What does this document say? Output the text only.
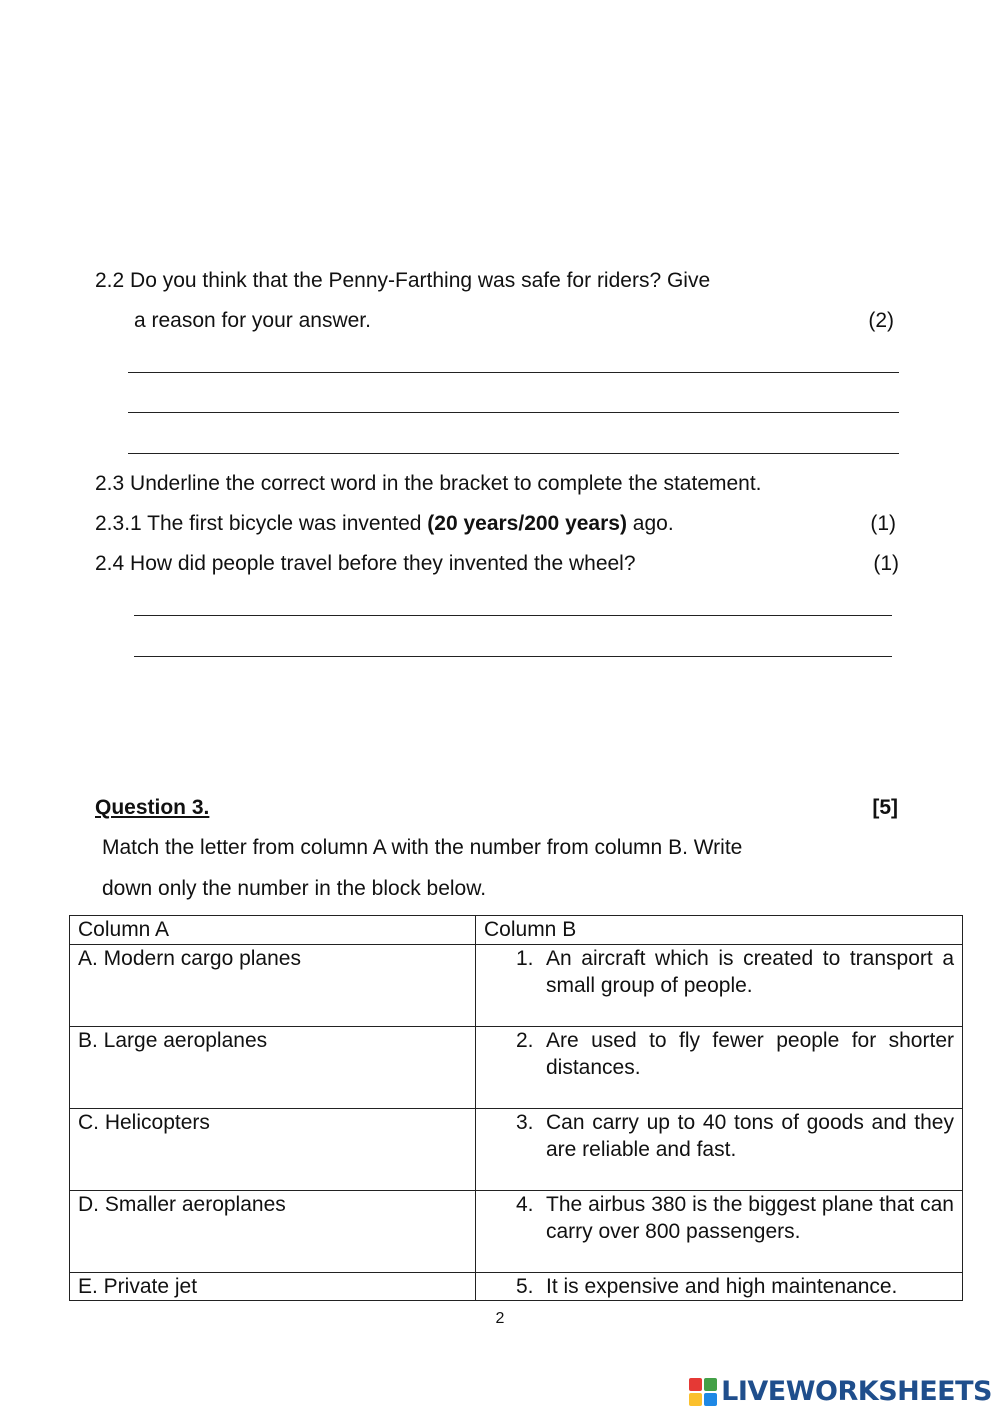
2.2 Do you think that the Penny-Farthing was safe for riders? Give
a reason for your answer.	(2)
2.3 Underline the correct word in the bracket to complete the statement.
2.3.1 The first bicycle was invented (20 years/200 years) ago.	(1)
2.4 How did people travel before they invented the wheel?	(1)
Question 3.	[5]
Match the letter from column A with the number from column B. Write
down only the number in the block below.
Column A	Column B
A. Modern cargo planes	1. An aircraft which is created to transport a small group of people.

B. Large aeroplanes	2. Are used to fly fewer people for shorter distances.

C. Helicopters	3. Can carry up to 40 tons of goods and they are reliable and fast.

D. Smaller aeroplanes	4. The airbus 380 is the biggest plane that can carry over 800 passengers.

E. Private jet	5. It is expensive and high maintenance.
2
LIVEWORKSHEETS
